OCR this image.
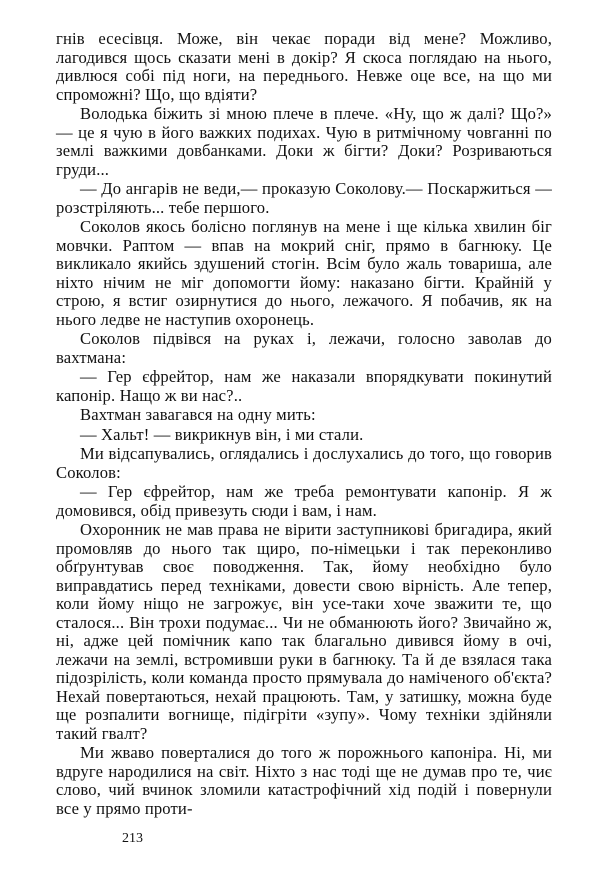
гнів есесівця. Може, він чекає поради від мене? Можливо, лагодився щось сказати мені в докір? Я скоса поглядаю на нього, дивлюся собі під ноги, на переднього. Невже оце все, на що ми спроможні? Що, що вдіяти?

Володька біжить зі мною плече в плече. «Ну, що ж далі? Що?» — це я чую в його важких подихах. Чую в ритмічному човганні по землі важкими довбанками. Доки ж бігти? Доки? Розриваються груди...

— До ангарів не веди,— проказую Соколову.— Поскаржиться — розстріляють... тебе першого.

Соколов якось болісно поглянув на мене і ще кілька хвилин біг мовчки. Раптом — впав на мокрий сніг, прямо в багнюку. Це викликало якийсь здушений стогін. Всім було жаль товариша, але ніхто нічим не міг допомогти йому: наказано бігти. Крайній у строю, я встиг озирнутися до нього, лежачого. Я побачив, як на нього ледве не наступив охоронець.

Соколов підвівся на руках і, лежачи, голосно заволав до вахтмана:

— Гер єфрейтор, нам же наказали впорядкувати покинутий капонір. Нащо ж ви нас?..

Вахтман завагався на одну мить:

— Хальт! — викрикнув він, і ми стали.

Ми відсапувались, оглядались і дослухались до того, що говорив Соколов:

— Гер єфрейтор, нам же треба ремонтувати капонір. Я ж домовився, обід привезуть сюди і вам, і нам.

Охоронник не мав права не вірити заступникові бригадира, який промовляв до нього так щиро, по-німецьки і так переконливо обґрунтував своє поводження. Так, йому необхідно було виправдатись перед техніками, довести свою вірність. Але тепер, коли йому ніщо не загрожує, він усе-таки хоче зважити те, що сталося... Він трохи подумає... Чи не обманюють його? Звичайно ж, ні, адже цей помічник капо так благально дивився йому в очі, лежачи на землі, встромивши руки в багнюку. Та й де взялася така підозрілість, коли команда просто прямувала до наміченого об'єкта? Нехай повертаються, нехай працюють. Там, у затишку, можна буде ще розпалити вогнище, підігріти «зупу». Чому техніки здійняли такий гвалт?

Ми жваво поверталися до того ж порожнього капоніра. Ні, ми вдруге народилися на світ. Ніхто з нас тоді ще не думав про те, чиє слово, чий вчинок зломили катастрофічний хід подій і повернули все у прямо проти-

213
